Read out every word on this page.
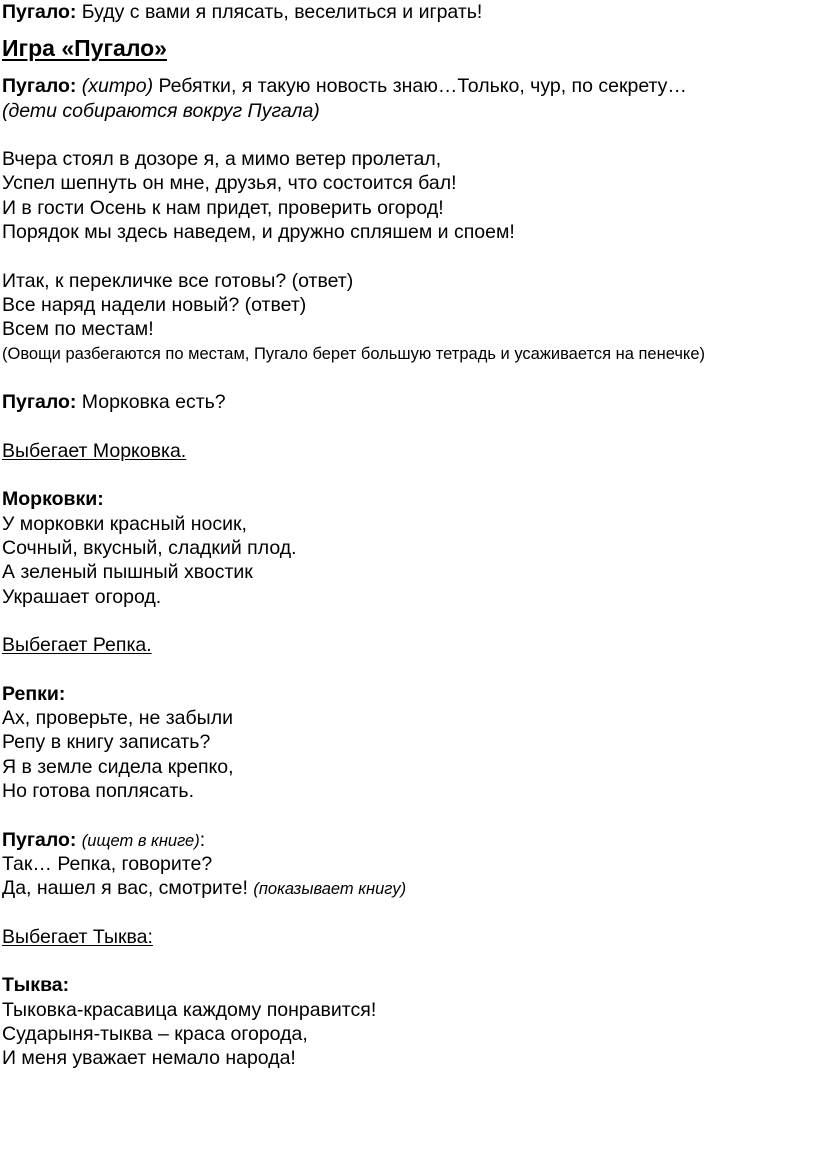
Пугало: Буду с вами я плясать, веселиться и играть!
Игра «Пугало»
Пугало: (хитро) Ребятки, я такую новость знаю…Только, чур, по секрету…
(дети собираются вокруг Пугала)
Вчера стоял в дозоре я, а мимо ветер пролетал,
Успел шепнуть он мне, друзья, что состоится бал!
И в гости Осень к нам придет, проверить огород!
Порядок мы здесь наведем, и дружно спляшем и споем!
Итак, к перекличке все готовы? (ответ)
Все наряд надели новый? (ответ)
Всем по местам!
(Овощи разбегаются по местам, Пугало берет большую тетрадь и усаживается на пенечке)
Пугало: Морковка есть?
Выбегает Морковка.
Морковки:
У морковки красный носик,
Сочный, вкусный, сладкий плод.
А зеленый пышный хвостик
Украшает огород.
Выбегает Репка.
Репки:
Ах, проверьте, не забыли
Репу в книгу записать?
Я в земле сидела крепко,
Но готова поплясать.
Пугало: (ищет в книге):
Так… Репка, говорите?
Да, нашел я вас, смотрите! (показывает книгу)
Выбегает Тыква:
Тыква:
Тыковка-красавица каждому понравится!
Сударыня-тыква – краса огорода,
И меня уважает немало народа!
